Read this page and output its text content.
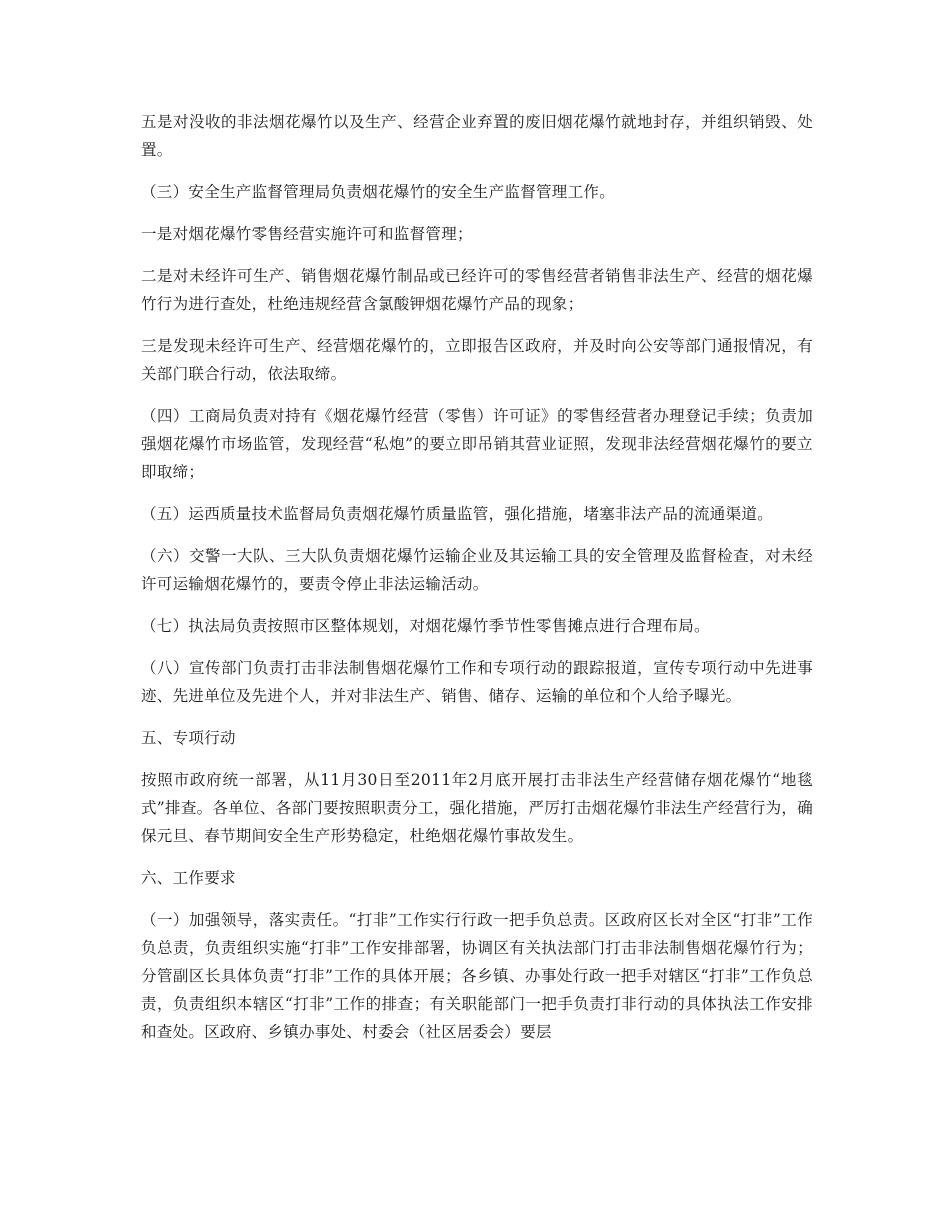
五是对没收的非法烟花爆竹以及生产、经营企业弃置的废旧烟花爆竹就地封存，并组织销毁、处置。

（三）安全生产监督管理局负责烟花爆竹的安全生产监督管理工作。

一是对烟花爆竹零售经营实施许可和监督管理；

二是对未经许可生产、销售烟花爆竹制品或已经许可的零售经营者销售非法生产、经营的烟花爆竹行为进行查处，杜绝违规经营含氯酸钾烟花爆竹产品的现象；

三是发现未经许可生产、经营烟花爆竹的，立即报告区政府，并及时向公安等部门通报情况，有关部门联合行动，依法取缔。

（四）工商局负责对持有《烟花爆竹经营（零售）许可证》的零售经营者办理登记手续；负责加强烟花爆竹市场监管，发现经营“私炮”的要立即吊销其营业证照，发现非法经营烟花爆竹的要立即取缔；

（五）运西质量技术监督局负责烟花爆竹质量监管，强化措施，堵塞非法产品的流通渠道。

（六）交警一大队、三大队负责烟花爆竹运输企业及其运输工具的安全管理及监督检查，对未经许可运输烟花爆竹的，要责令停止非法运输活动。

（七）执法局负责按照市区整体规划，对烟花爆竹季节性零售摊点进行合理布局。

（八）宣传部门负责打击非法制售烟花爆竹工作和专项行动的跟踪报道，宣传专项行动中先进事迹、先进单位及先进个人，并对非法生产、销售、储存、运输的单位和个人给予曝光。

五、专项行动

按照市政府统一部署，从11月30日至2011年2月底开展打击非法生产经营储存烟花爆竹“地毯式”排查。各单位、各部门要按照职责分工，强化措施，严厉打击烟花爆竹非法生产经营行为，确保元旦、春节期间安全生产形势稳定，杜绝烟花爆竹事故发生。

六、工作要求

（一）加强领导，落实责任。“打非”工作实行行政一把手负总责。区政府区长对全区“打非”工作负总责，负责组织实施“打非”工作安排部署，协调区有关执法部门打击非法制售烟花爆竹行为；分管副区长具体负责“打非”工作的具体开展；各乡镇、办事处行政一把手对辖区“打非”工作负总责，负责组织本辖区“打非”工作的排查；有关职能部门一把手负责打非行动的具体执法工作安排和查处。区政府、乡镇办事处、村委会（社区居委会）要层
